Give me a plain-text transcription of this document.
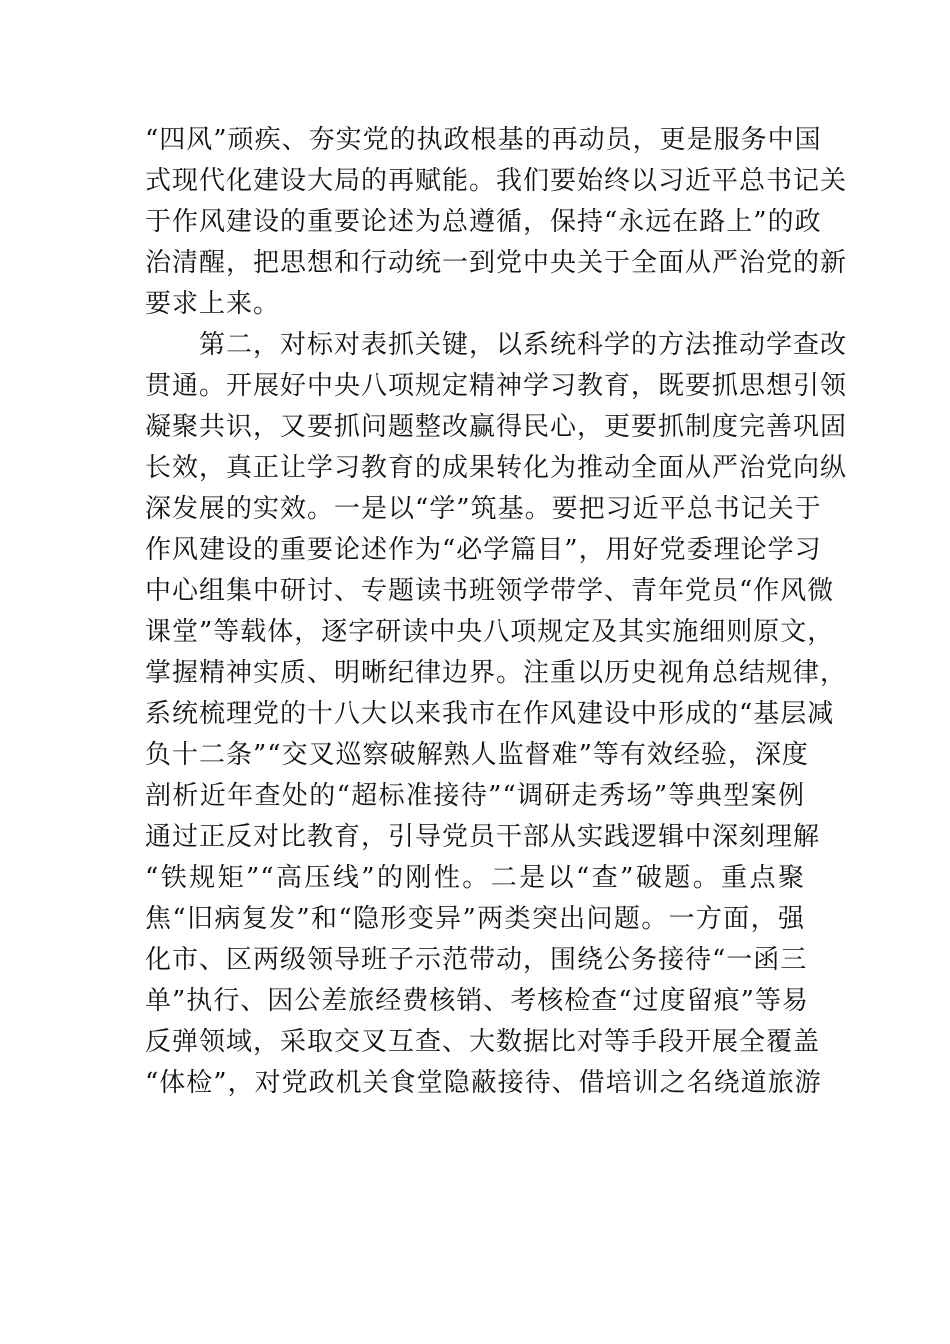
“四风”顽疾、夯实党的执政根基的再动员，更是服务中国
式现代化建设大局的再赋能。我们要始终以习近平总书记关
于作风建设的重要论述为总遵循，保持“永远在路上”的政
治清醒，把思想和行动统一到党中央关于全面从严治党的新
要求上来。
第二，对标对表抓关键，以系统科学的方法推动学查改
贯通。开展好中央八项规定精神学习教育，既要抓思想引领
凝聚共识，又要抓问题整改赢得民心，更要抓制度完善巩固
长效，真正让学习教育的成果转化为推动全面从严治党向纵
深发展的实效。一是以“学”筑基。要把习近平总书记关于
作风建设的重要论述作为“必学篇目”，用好党委理论学习
中心组集中研讨、专题读书班领学带学、青年党员“作风微
课堂”等载体，逐字研读中央八项规定及其实施细则原文，
掌握精神实质、明晰纪律边界。注重以历史视角总结规律，
系统梳理党的十八大以来我市在作风建设中形成的“基层减
负十二条”“交叉巡察破解熟人监督难”等有效经验，深度
剖析近年查处的“超标准接待”“调研走秀场”等典型案例
通过正反对比教育，引导党员干部从实践逻辑中深刻理解
“铁规矩”“高压线”的刚性。二是以“查”破题。重点聚
焦“旧病复发”和“隐形变异”两类突出问题。一方面，强
化市、区两级领导班子示范带动，围绕公务接待“一函三
单”执行、因公差旅经费核销、考核检查“过度留痕”等易
反弹领域，采取交叉互查、大数据比对等手段开展全覆盖
“体检”，对党政机关食堂隐蔽接待、借培训之名绕道旅游
